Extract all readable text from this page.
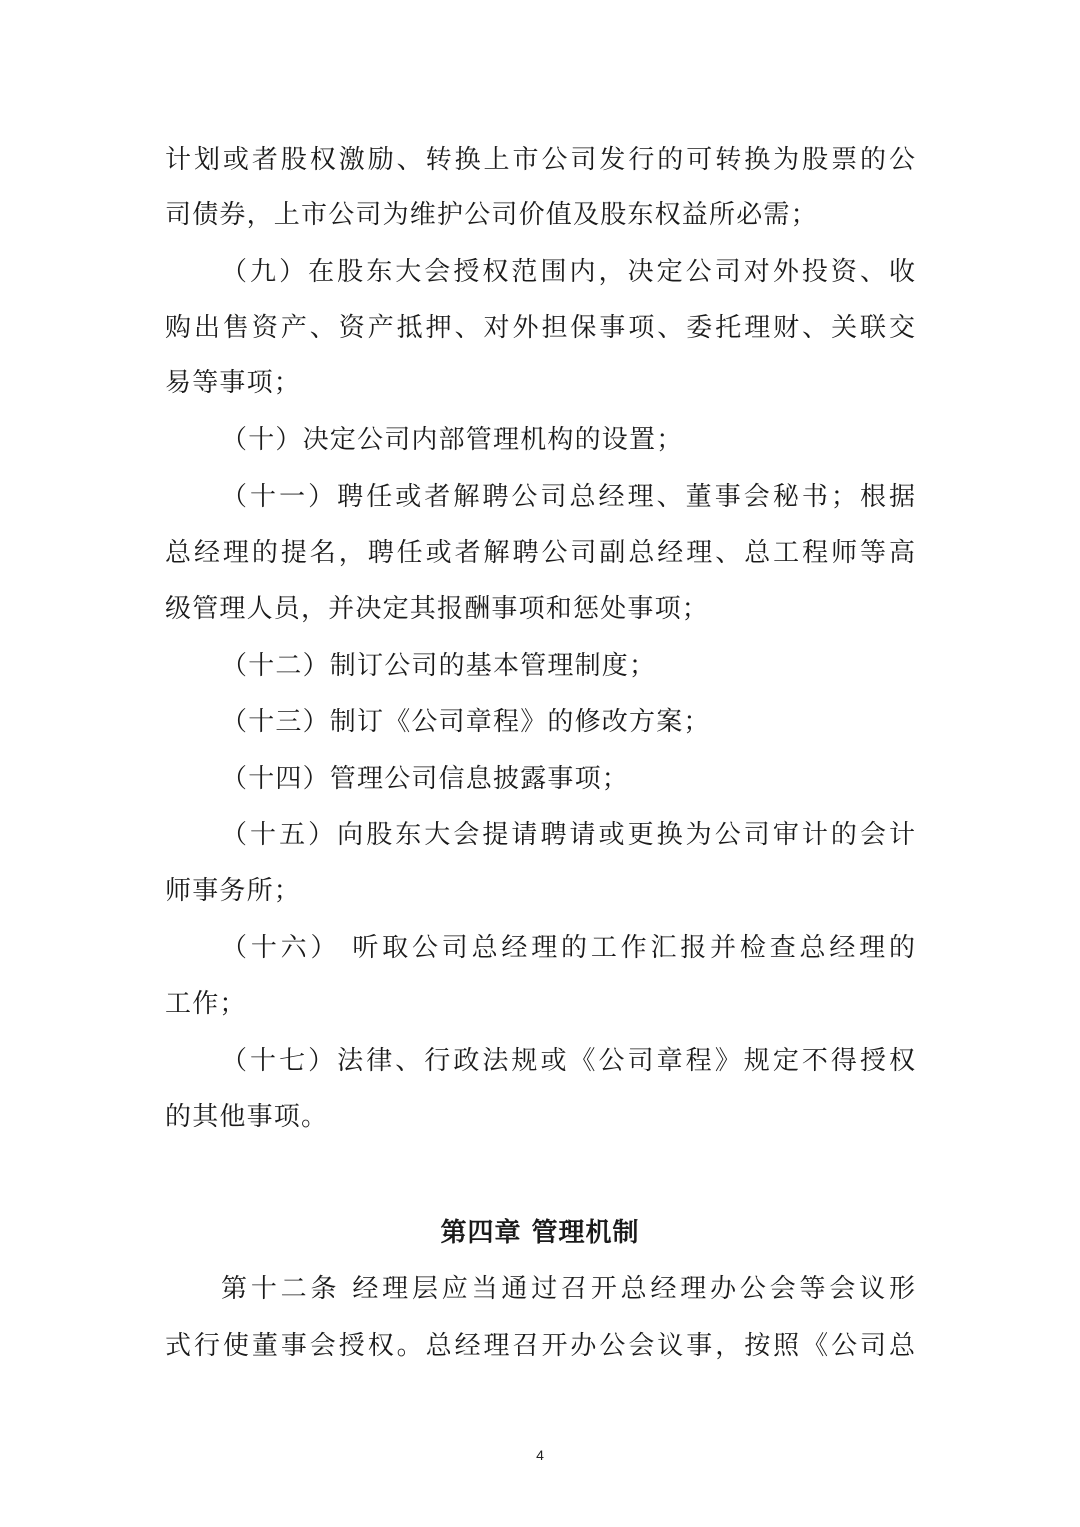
计划或者股权激励、转换上市公司发行的可转换为股票的公
司债券，上市公司为维护公司价值及股东权益所必需；
（九）在股东大会授权范围内，决定公司对外投资、收
购出售资产、资产抵押、对外担保事项、委托理财、关联交
易等事项；
（十）决定公司内部管理机构的设置；
（十一）聘任或者解聘公司总经理、董事会秘书；根据
总经理的提名，聘任或者解聘公司副总经理、总工程师等高
级管理人员，并决定其报酬事项和惩处事项；
（十二）制订公司的基本管理制度；
（十三）制订《公司章程》的修改方案；
（十四）管理公司信息披露事项；
（十五）向股东大会提请聘请或更换为公司审计的会计
师事务所；
（十六） 听取公司总经理的工作汇报并检查总经理的
工作；
（十七）法律、行政法规或《公司章程》规定不得授权
的其他事项。
第四章 管理机制
第十二条 经理层应当通过召开总经理办公会等会议形
式行使董事会授权。总经理召开办公会议事，按照《公司总
4
